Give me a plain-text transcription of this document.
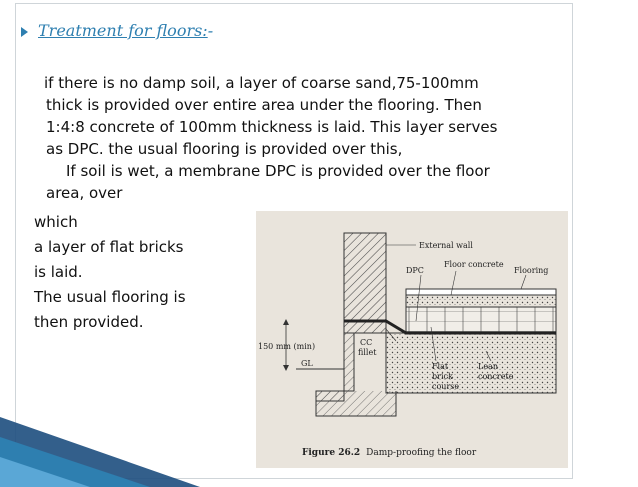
Treatment for floors:-

if there is no damp soil, a layer of coarse sand,75-100mm

thick is provided over entire area under the flooring. Then

1:4:8 concrete of 100mm thickness is laid. This layer serves

as DPC. the usual flooring is provided over this,

If soil is wet, a membrane DPC is provided over the floor

area, over

which
a layer of flat bricks
is laid.
The usual flooring is
then provided.
External wall
Floor concrete
DPC	Flooring
150 mm (min)	CC
fillet
GL	Flat
brick
course
Lean
concrete
Figure 26.2 Damp-proofing the floor
